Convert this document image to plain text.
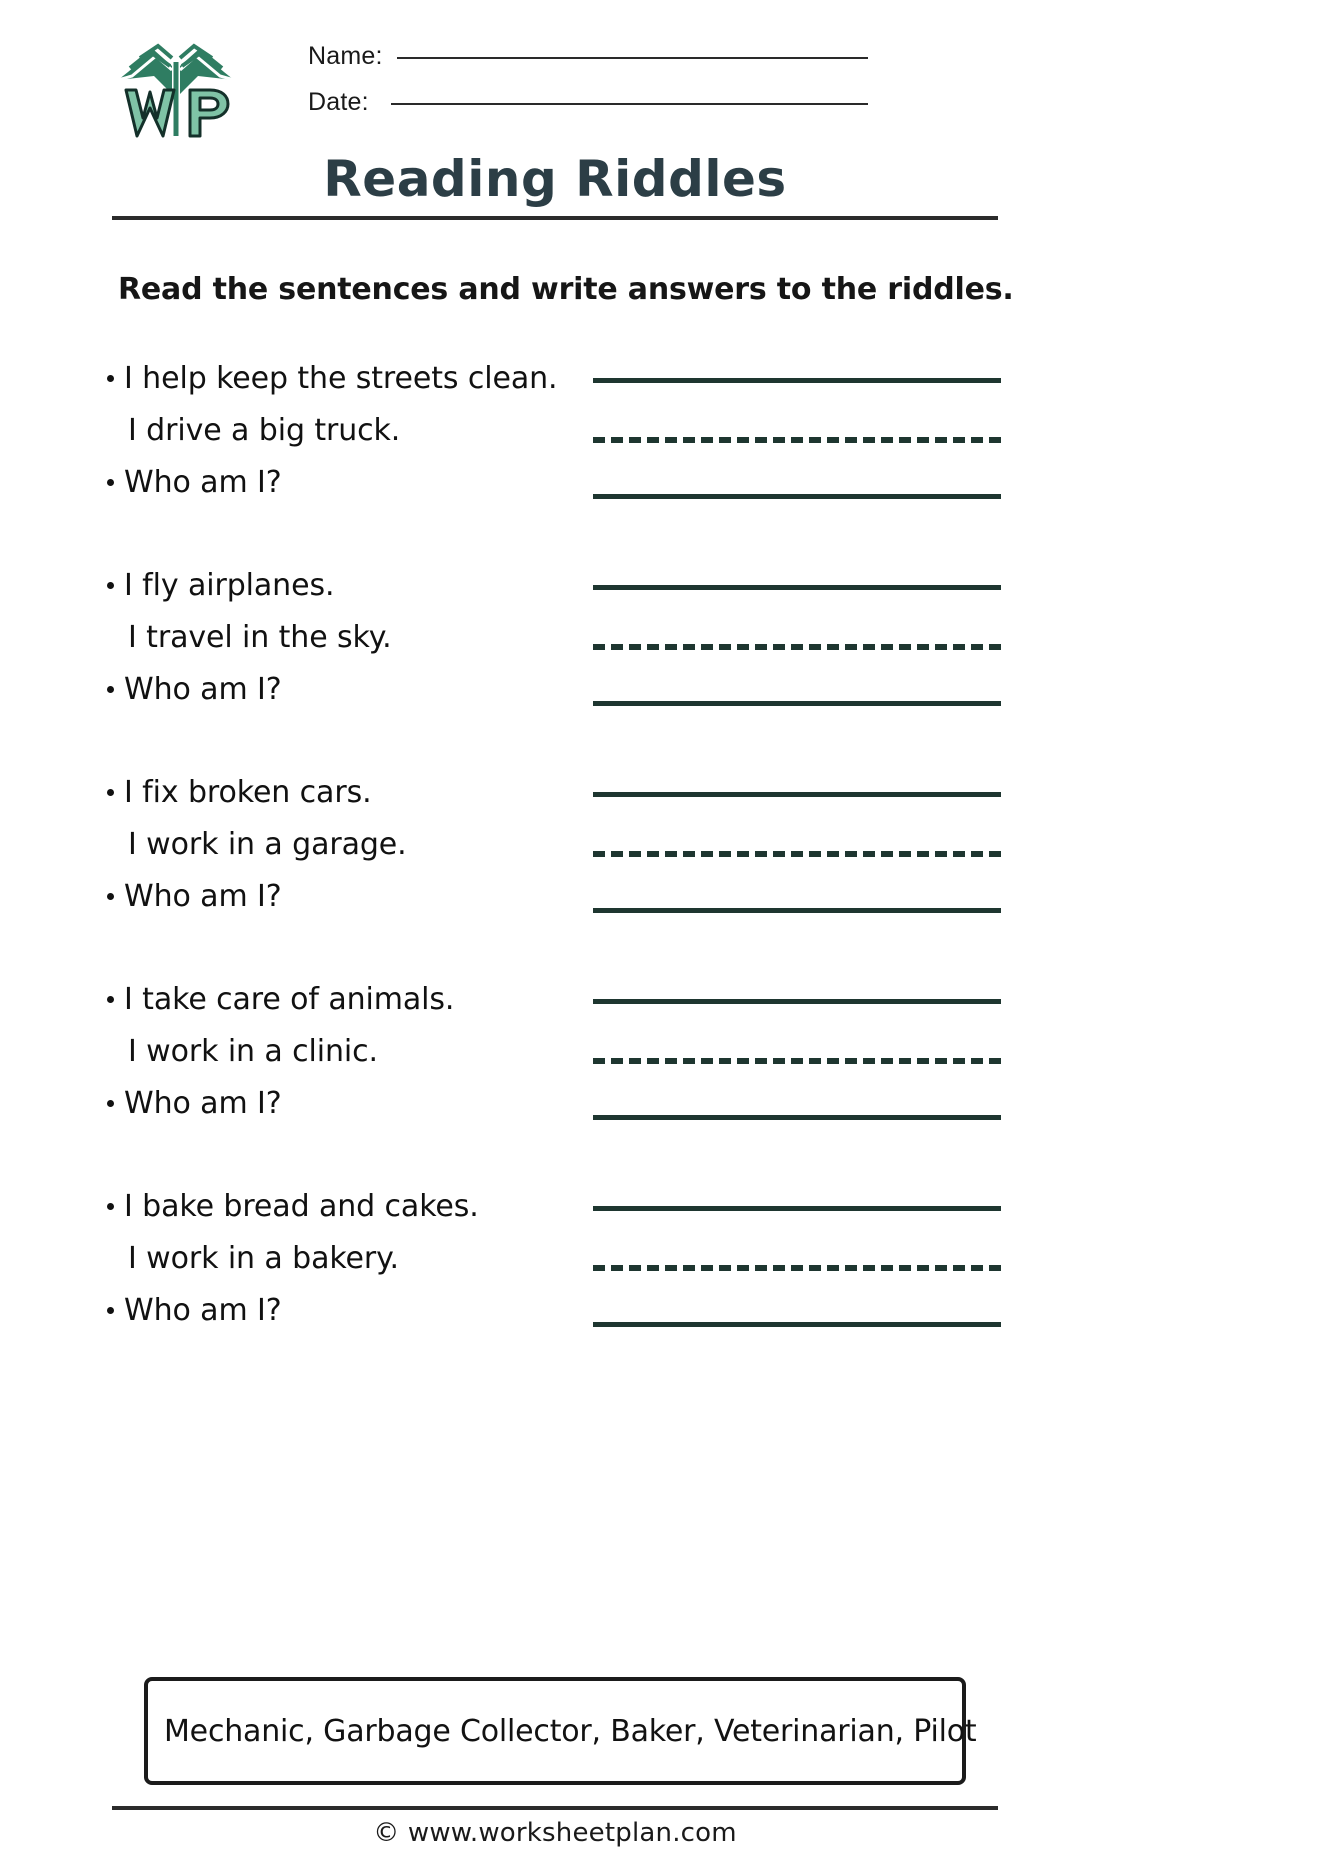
Name:
Date:
Reading Riddles
Read the sentences and write answers to the riddles.
I help keep the streets clean.
I drive a big truck.
Who am I?
I fly airplanes.
I travel in the sky.
Who am I?
I fix broken cars.
I work in a garage.
Who am I?
I take care of animals.
I work in a clinic.
Who am I?
I bake bread and cakes.
I work in a bakery.
Who am I?
Mechanic, Garbage Collector, Baker, Veterinarian, Pilot
© www.worksheetplan.com
